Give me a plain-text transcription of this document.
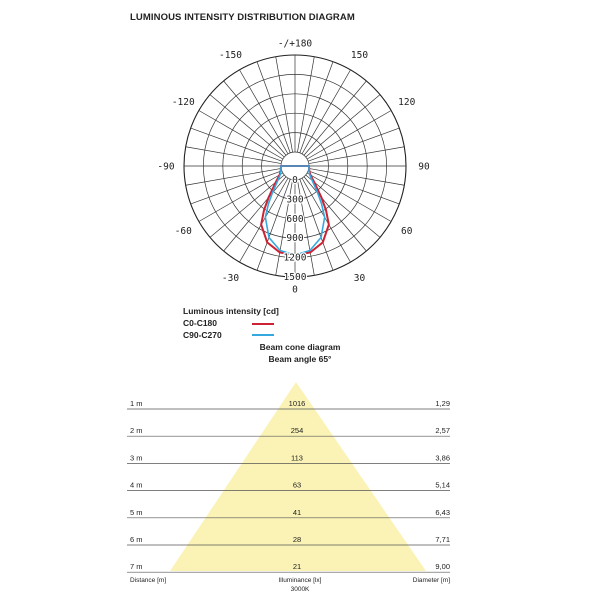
LUMINOUS INTENSITY DISTRIBUTION DIAGRAM
0
300
600
900
1200
1500
-/+180
-150	150
-120	120
-90	90
-60	60
-30	30
0
Luminous intensity [cd]
C0-C180
C90-C270
Beam cone diagram
Beam angle 65°
1 m	1016	1,29
2 m	254	2,57
3 m	113	3,86
4 m	63	5,14
5 m	41	6,43
6 m	28	7,71
7 m	21	9,00
Distance [m]	Illuminance [lx]
3000K
Diameter [m]
